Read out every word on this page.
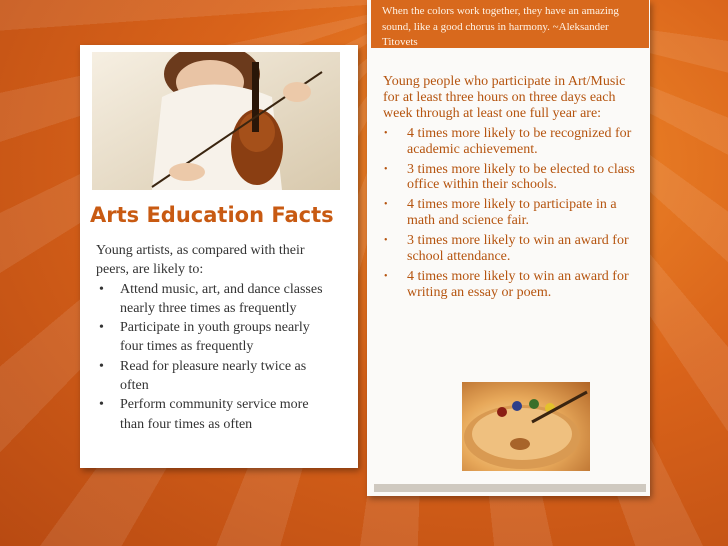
Arts Education Facts
Young artists, as compared with their peers, are likely to:
• Attend music, art, and dance classes nearly three times as frequently
• Participate in youth groups nearly four times as frequently
• Read for pleasure nearly twice as often
• Perform community service more than four times as often
When the colors work together, they have an amazing sound, like a good chorus in harmony. ~Aleksander Titovets
Young people who participate in Art/Music for at least three hours on three days each week through at least one full year are:
• 4 times more likely to be recognized for academic achievement.
• 3 times more likely to be elected to class office within their schools.
• 4 times more likely to participate in a math and science fair.
• 3 times more likely to win an award for school attendance.
• 4 times more likely to win an award for writing an essay or poem.
